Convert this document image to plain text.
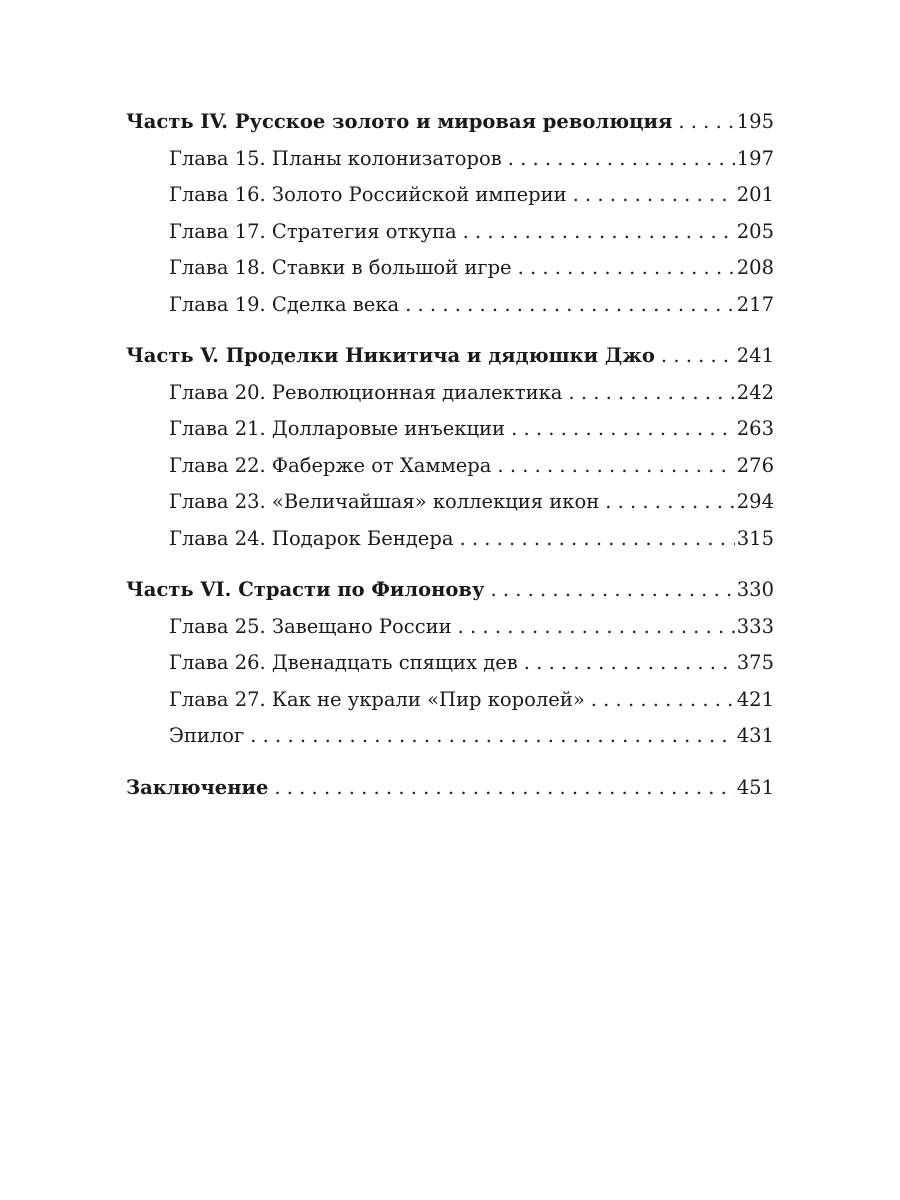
Часть IV. Русское золото и мировая революция . . .	195
Глава 15. Планы колонизаторов . . .	197
Глава 16. Золото Российской империи . . .	201
Глава 17. Стратегия откупа . . .	205
Глава 18. Ставки в большой игре . . .	208
Глава 19. Сделка века . . .	217
Часть V. Проделки Никитича и дядюшки Джо . . .	241
Глава 20. Революционная диалектика . . .	242
Глава 21. Долларовые инъекции . . .	263
Глава 22. Фаберже от Хаммера . . .	276
Глава 23. «Величайшая» коллекция икон . . .	294
Глава 24. Подарок Бендера . . .	315
Часть VI. Страсти по Филонову . . .	330
Глава 25. Завещано России . . .	333
Глава 26. Двенадцать спящих дев . . .	375
Глава 27. Как не украли «Пир королей» . . .	421
Эпилог . . .	431
Заключение . . .	451
